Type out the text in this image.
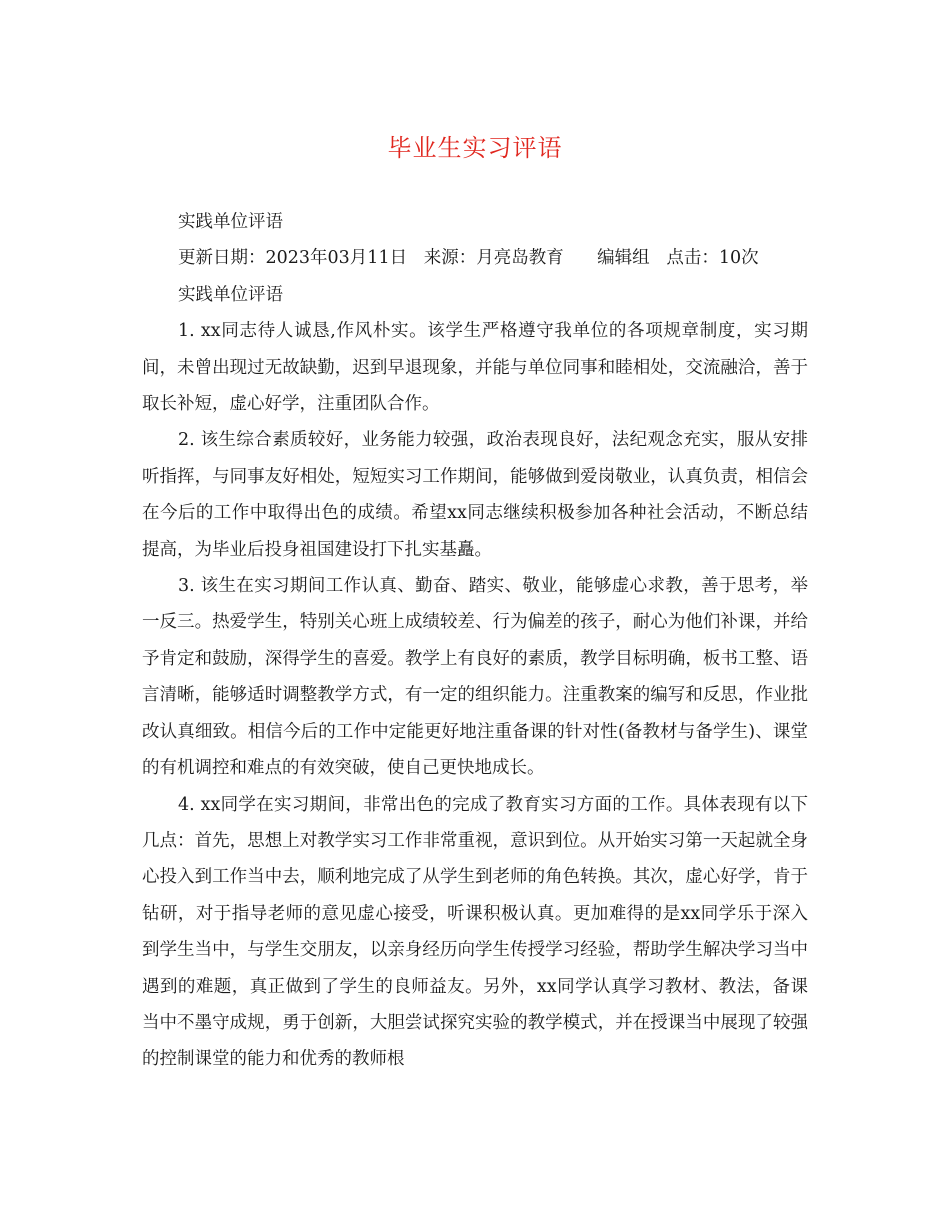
毕业生实习评语
实践单位评语
更新日期：2023年03月11日 来源：月亮岛教育 编辑组 点击：10次
实践单位评语

1. xx同志待人诚恳,作风朴实。该学生严格遵守我单位的各项规章制度，实习期间，未曾出现过无故缺勤，迟到早退现象，并能与单位同事和睦相处，交流融洽，善于取长补短，虚心好学，注重团队合作。

2. 该生综合素质较好，业务能力较强，政治表现良好，法纪观念充实，服从安排听指挥，与同事友好相处，短短实习工作期间，能够做到爱岗敬业，认真负责，相信会在今后的工作中取得出色的成绩。希望xx同志继续积极参加各种社会活动，不断总结提高，为毕业后投身祖国建设打下扎实基矗。

3. 该生在实习期间工作认真、勤奋、踏实、敬业，能够虚心求教，善于思考，举一反三。热爱学生，特别关心班上成绩较差、行为偏差的孩子，耐心为他们补课，并给予肯定和鼓励，深得学生的喜爱。教学上有良好的素质，教学目标明确，板书工整、语言清晰，能够适时调整教学方式，有一定的组织能力。注重教案的编写和反思，作业批改认真细致。相信今后的工作中定能更好地注重备课的针对性(备教材与备学生)、课堂的有机调控和难点的有效突破，使自己更快地成长。

4. xx同学在实习期间，非常出色的完成了教育实习方面的工作。具体表现有以下几点：首先，思想上对教学实习工作非常重视，意识到位。从开始实习第一天起就全身心投入到工作当中去，顺利地完成了从学生到老师的角色转换。其次，虚心好学，肯于钻研，对于指导老师的意见虚心接受，听课积极认真。更加难得的是xx同学乐于深入到学生当中，与学生交朋友，以亲身经历向学生传授学习经验，帮助学生解决学习当中遇到的难题，真正做到了学生的良师益友。另外，xx同学认真学习教材、教法，备课当中不墨守成规，勇于创新，大胆尝试探究实验的教学模式，并在授课当中展现了较强的控制课堂的能力和优秀的教师根
